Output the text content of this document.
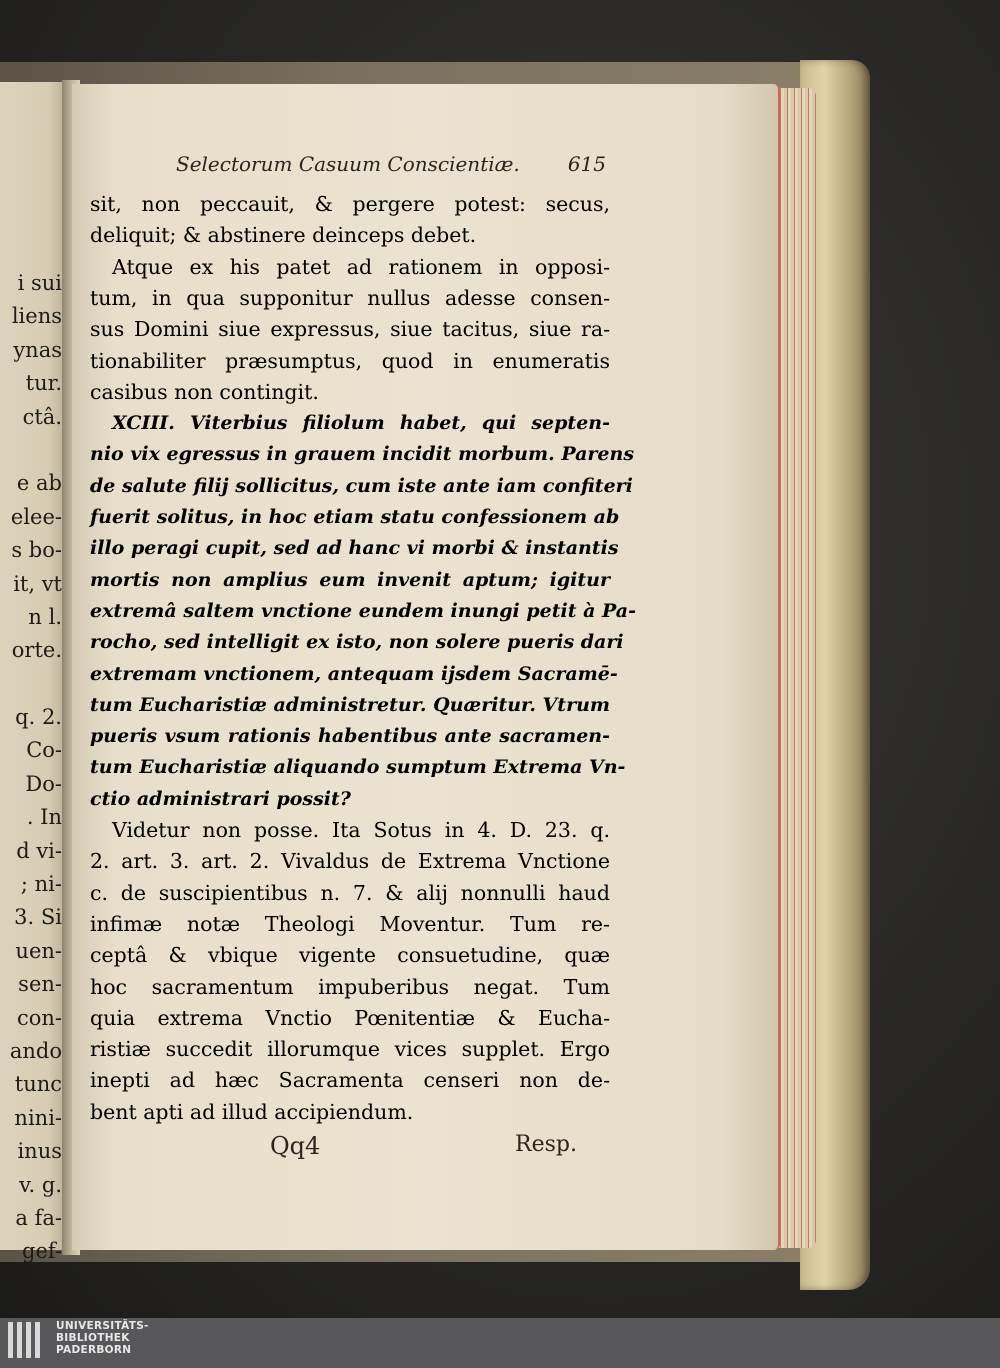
i sui
liens
ynas
tur.
ctâ.
e ab
elee-
s bo-
it, vt
n l.
orte.
q. 2.
Co-
Do-
. In
d vi-
; ni-
3. Si
uen-
sen-
con-
ando
tunc
nini-
inus
v. g.
a fa-
gef-
sit,
Selectorum Casuum Conscientiæ. 615
sit, non peccauit, & pergere potest: secus,
deliquit; & abstinere deinceps debet.
Atque ex his patet ad rationem in opposi-
tum, in qua supponitur nullus adesse consen-
sus Domini siue expressus, siue tacitus, siue ra-
tionabiliter præsumptus, quod in enumeratis
casibus non contingit.
XCIII. Viterbius filiolum habet, qui septen-
nio vix egressus in grauem incidit morbum. Parens
de salute filij sollicitus, cum iste ante iam confiteri
fuerit solitus, in hoc etiam statu confessionem ab
illo peragi cupit, sed ad hanc vi morbi & instantis
mortis non amplius eum invenit aptum; igitur
extremâ saltem vnctione eundem inungi petit à Pa-
rocho, sed intelligit ex isto, non solere pueris dari
extremam vnctionem, antequam ijsdem Sacramē-
tum Eucharistiæ administretur. Quæritur. Vtrum
pueris vsum rationis habentibus ante sacramen-
tum Eucharistiæ aliquando sumptum Extrema Vn-
ctio administrari possit?
Videtur non posse. Ita Sotus in 4. D. 23. q.
2. art. 3. art. 2. Vivaldus de Extrema Vnctione
c. de suscipientibus n. 7. & alij nonnulli haud
infimæ notæ Theologi Moventur. Tum re-
ceptâ & vbique vigente consuetudine, quæ
hoc sacramentum impuberibus negat. Tum
quia extrema Vnctio Pœnitentiæ & Eucha-
ristiæ succedit illorumque vices supplet. Ergo
inepti ad hæc Sacramenta censeri non de-
bent apti ad illud accipiendum.
Qq4	Resp.
UNIVERSITÄTS-
BIBLIOTHEK
PADERBORN
